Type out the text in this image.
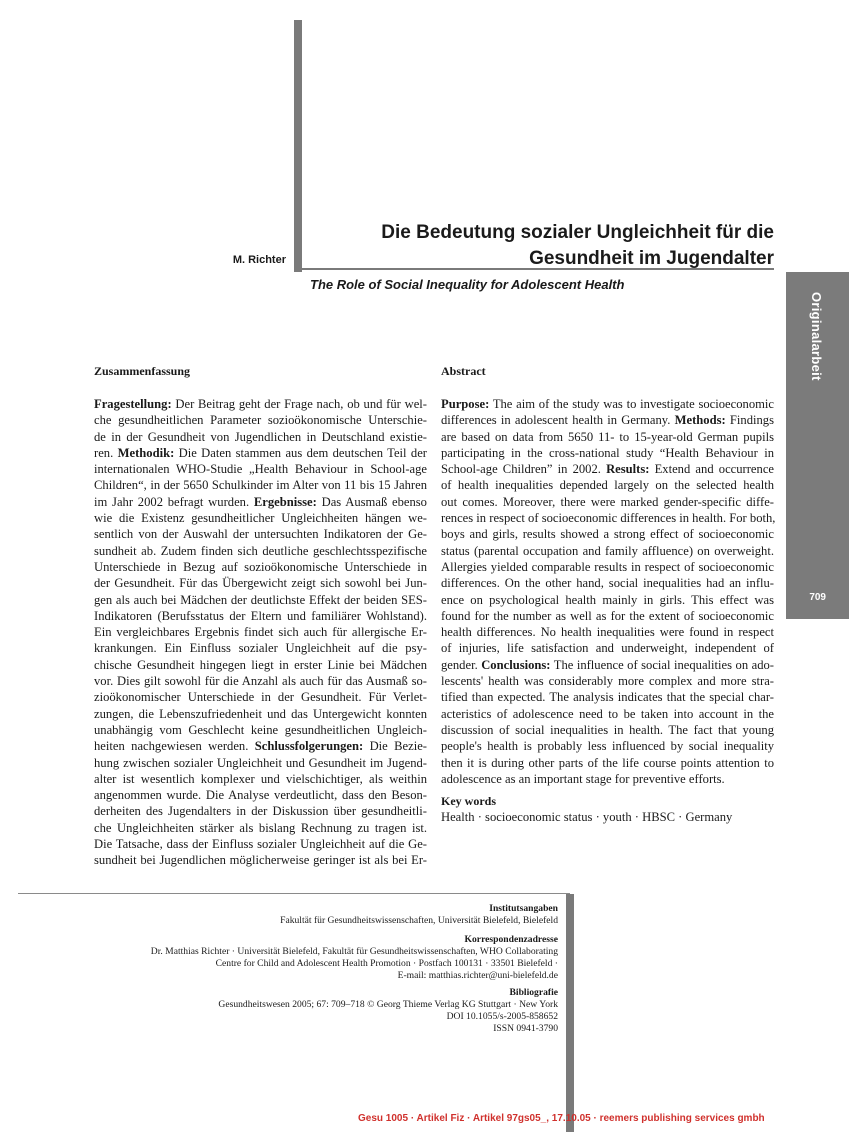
Originalarbeit
709
M. Richter
Die Bedeutung sozialer Ungleichheit für die
Gesundheit im Jugendalter
The Role of Social Inequality for Adolescent Health
Zusammenfassung
Fragestellung: Der Beitrag geht der Frage nach, ob und für wel-
che gesundheitlichen Parameter sozioökonomische Unterschie-
de in der Gesundheit von Jugendlichen in Deutschland existie-
ren. Methodik: Die Daten stammen aus dem deutschen Teil der
internationalen WHO-Studie „Health Behaviour in School-age
Children“, in der 5650 Schulkinder im Alter von 11 bis 15 Jahren
im Jahr 2002 befragt wurden. Ergebnisse: Das Ausmaß ebenso
wie die Existenz gesundheitlicher Ungleichheiten hängen we-
sentlich von der Auswahl der untersuchten Indikatoren der Ge-
sundheit ab. Zudem finden sich deutliche geschlechtsspezifische
Unterschiede in Bezug auf sozioökonomische Unterschiede in
der Gesundheit. Für das Übergewicht zeigt sich sowohl bei Jun-
gen als auch bei Mädchen der deutlichste Effekt der beiden SES-
Indikatoren (Berufsstatus der Eltern und familiärer Wohlstand).
Ein vergleichbares Ergebnis findet sich auch für allergische Er-
krankungen. Ein Einfluss sozialer Ungleichheit auf die psy-
chische Gesundheit hingegen liegt in erster Linie bei Mädchen
vor. Dies gilt sowohl für die Anzahl als auch für das Ausmaß so-
zioökonomischer Unterschiede in der Gesundheit. Für Verlet-
zungen, die Lebenszufriedenheit und das Untergewicht konnten
unabhängig vom Geschlecht keine gesundheitlichen Ungleich-
heiten nachgewiesen werden. Schlussfolgerungen: Die Bezie-
hung zwischen sozialer Ungleichheit und Gesundheit im Jugend-
alter ist wesentlich komplexer und vielschichtiger, als weithin
angenommen wurde. Die Analyse verdeutlicht, dass den Beson-
derheiten des Jugendalters in der Diskussion über gesundheitli-
che Ungleichheiten stärker als bislang Rechnung zu tragen ist.
Die Tatsache, dass der Einfluss sozialer Ungleichheit auf die Ge-
sundheit bei Jugendlichen möglicherweise geringer ist als bei Er-
Abstract
Purpose: The aim of the study was to investigate socioeconomic
differences in adolescent health in Germany. Methods: Findings
are based on data from 5650 11- to 15-year-old German pupils
participating in the cross-national study “Health Behaviour in
School-age Children” in 2002. Results: Extend and occurrence
of health inequalities depended largely on the selected health
out comes. Moreover, there were marked gender-specific diffe-
rences in respect of socioeconomic differences in health. For both,
boys and girls, results showed a strong effect of socioeconomic
status (parental occupation and family affluence) on overweight.
Allergies yielded comparable results in respect of socioeconomic
differences. On the other hand, social inequalities had an influ-
ence on psychological health mainly in girls. This effect was
found for the number as well as for the extent of socioeconomic
health differences. No health inequalities were found in respect
of injuries, life satisfaction and underweight, independent of
gender. Conclusions: The influence of social inequalities on ado-
lescents' health was considerably more complex and more stra-
tified than expected. The analysis indicates that the special char-
acteristics of adolescence need to be taken into account in the
discussion of social inequalities in health. The fact that young
people's health is probably less influenced by social inequality
then it is during other parts of the life course points attention to
adolescence as an important stage for preventive efforts.
Key words
Health · socioeconomic status · youth · HBSC · Germany
Institutsangaben
Fakultät für Gesundheitswissenschaften, Universität Bielefeld, Bielefeld
Korrespondenzadresse
Dr. Matthias Richter · Universität Bielefeld, Fakultät für Gesundheitswissenschaften, WHO Collaborating
Centre for Child and Adolescent Health Promotion · Postfach 100131 · 33501 Bielefeld ·
E-mail: matthias.richter@uni-bielefeld.de
Bibliografie
Gesundheitswesen 2005; 67: 709–718 © Georg Thieme Verlag KG Stuttgart · New York
DOI 10.1055/s-2005-858652
ISSN 0941-3790
Gesu 1005 · Artikel Fiz · Artikel 97gs05_, 17.10.05 · reemers publishing services gmbh
